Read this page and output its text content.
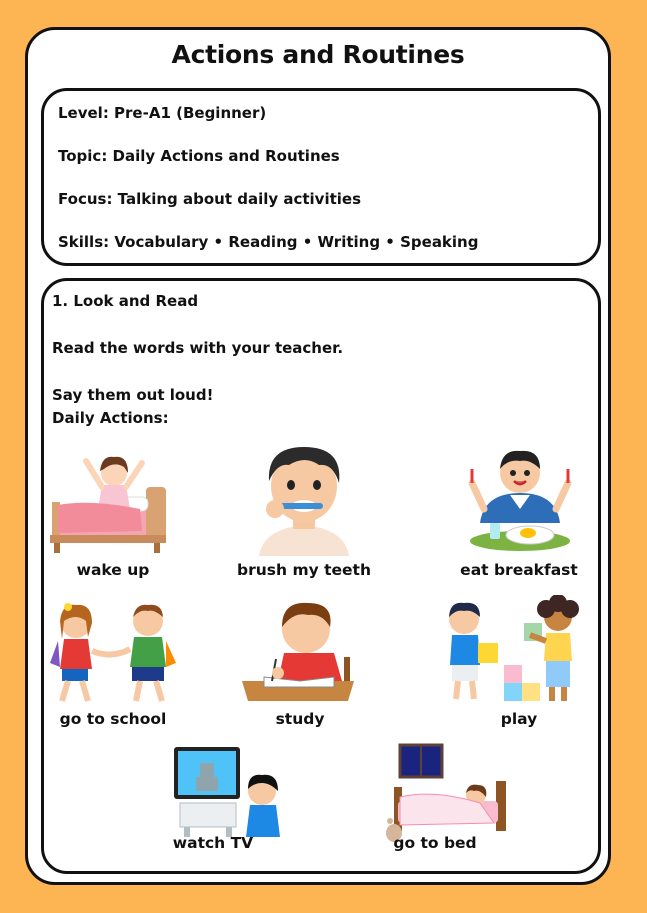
Actions and Routines
Level: Pre-A1 (Beginner)
Topic: Daily Actions and Routines
Focus: Talking about daily activities
Skills: Vocabulary • Reading • Writing • Speaking
1. Look and Read
Read the words with your teacher.
Say them out loud!
Daily Actions:
wake up	brush my teeth	eat breakfast
go to school	study	play
watch TV	go to bed
